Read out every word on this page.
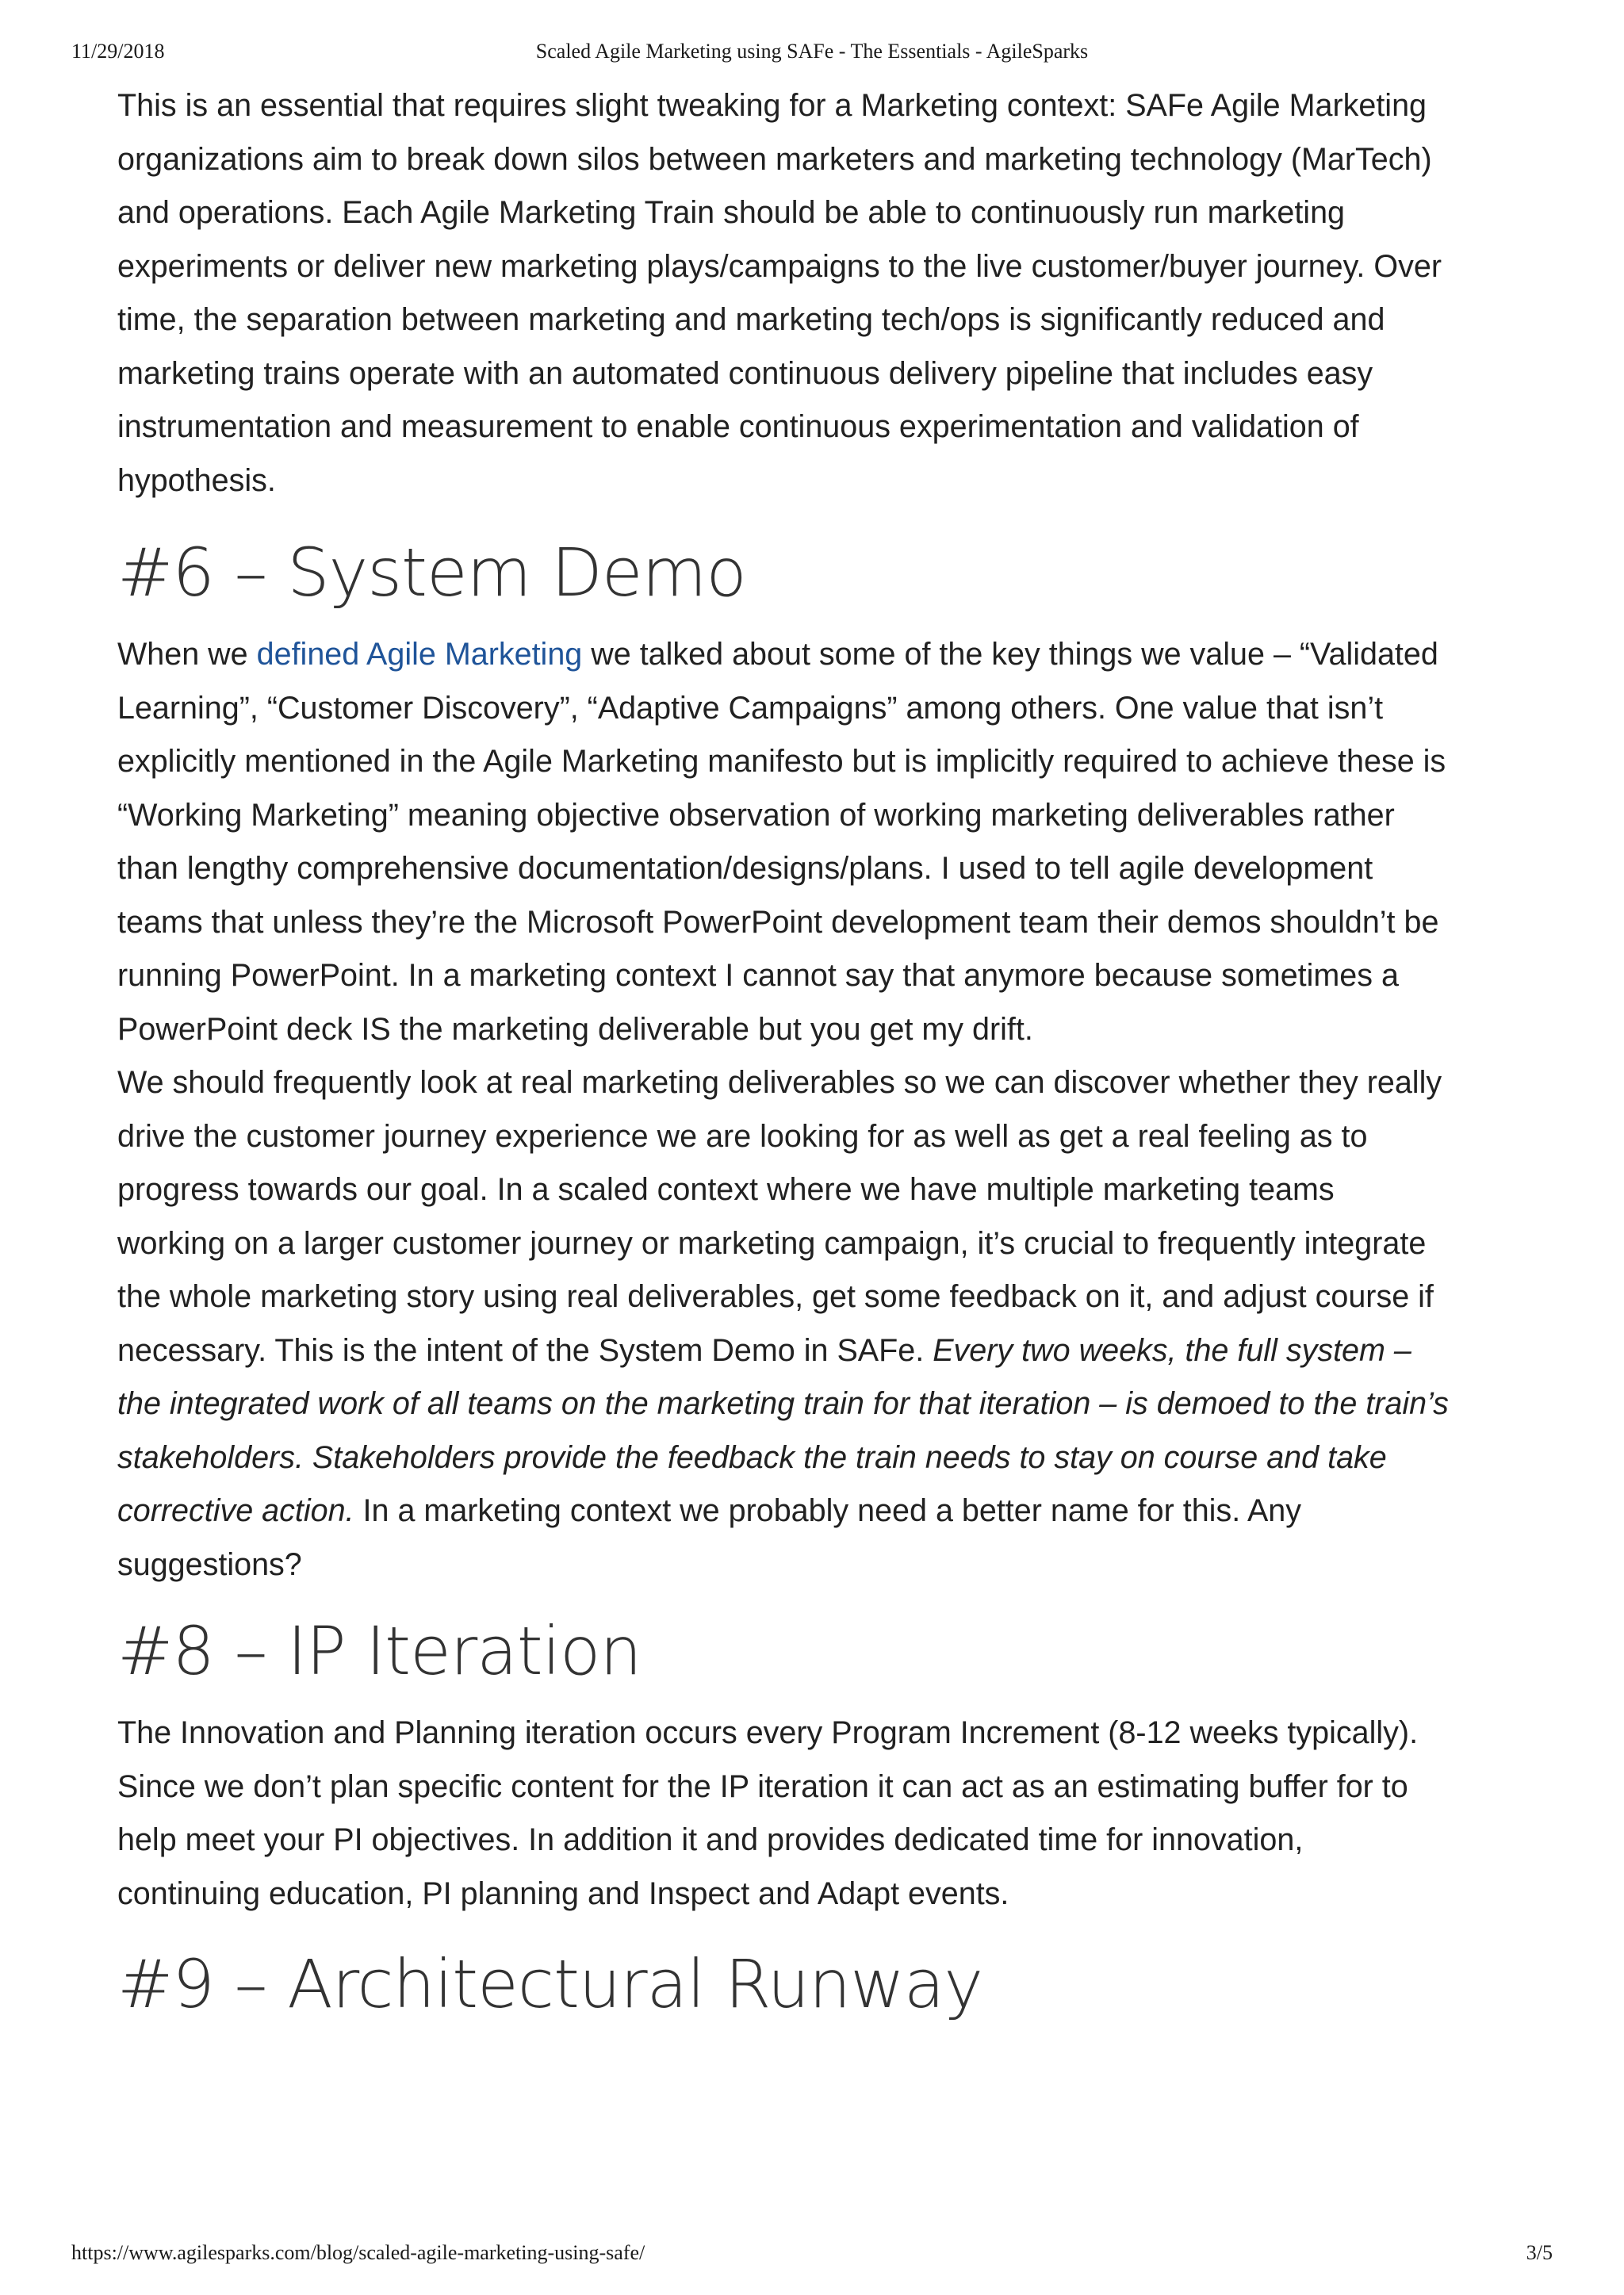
11/29/2018	Scaled Agile Marketing using SAFe - The Essentials - AgileSparks

This is an essential that requires slight tweaking for a Marketing context: SAFe Agile Marketing organizations aim to break down silos between marketers and marketing technology (MarTech) and operations. Each Agile Marketing Train should be able to continuously run marketing experiments or deliver new marketing plays/campaigns to the live customer/buyer journey. Over time, the separation between marketing and marketing tech/ops is significantly reduced and marketing trains operate with an automated continuous delivery pipeline that includes easy instrumentation and measurement to enable continuous experimentation and validation of hypothesis.

#6 – System Demo

When we defined Agile Marketing we talked about some of the key things we value – “Validated Learning”, “Customer Discovery”, “Adaptive Campaigns” among others. One value that isn’t explicitly mentioned in the Agile Marketing manifesto but is implicitly required to achieve these is “Working Marketing” meaning objective observation of working marketing deliverables rather than lengthy comprehensive documentation/designs/plans. I used to tell agile development teams that unless they’re the Microsoft PowerPoint development team their demos shouldn’t be running PowerPoint. In a marketing context I cannot say that anymore because sometimes a PowerPoint deck IS the marketing deliverable but you get my drift.

We should frequently look at real marketing deliverables so we can discover whether they really drive the customer journey experience we are looking for as well as get a real feeling as to progress towards our goal. In a scaled context where we have multiple marketing teams working on a larger customer journey or marketing campaign, it’s crucial to frequently integrate the whole marketing story using real deliverables, get some feedback on it, and adjust course if necessary. This is the intent of the System Demo in SAFe. Every two weeks, the full system – the integrated work of all teams on the marketing train for that iteration – is demoed to the train’s stakeholders. Stakeholders provide the feedback the train needs to stay on course and take corrective action. In a marketing context we probably need a better name for this. Any suggestions?

#8 – IP Iteration

The Innovation and Planning iteration occurs every Program Increment (8-12 weeks typically). Since we don’t plan specific content for the IP iteration it can act as an estimating buffer for to help meet your PI objectives. In addition it and provides dedicated time for innovation, continuing education, PI planning and Inspect and Adapt events.

#9 – Architectural Runway
https://www.agilesparks.com/blog/scaled-agile-marketing-using-safe/	3/5
